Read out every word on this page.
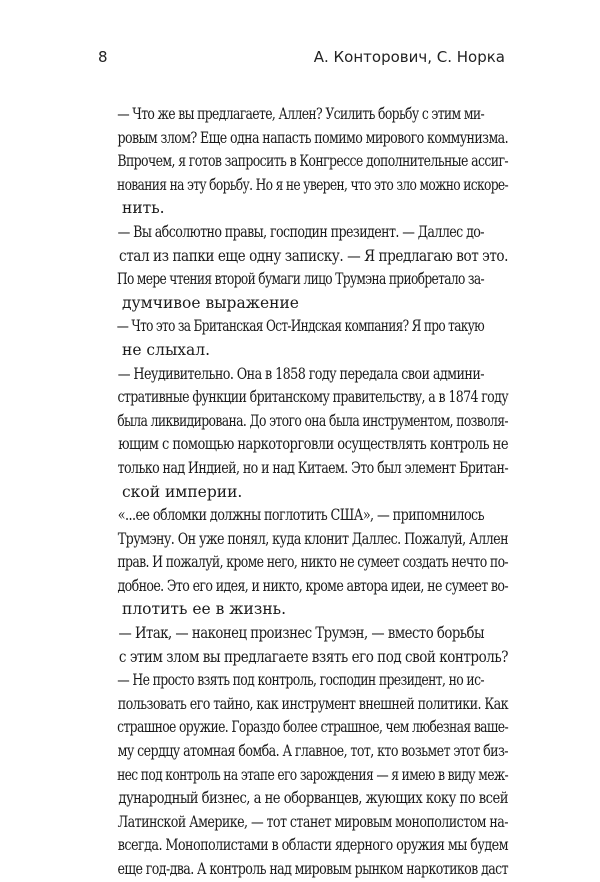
8	А. Конторович, С. Норка

— Что же вы предлагаете, Аллен? Усилить борьбу с этим ми-
ровым злом? Еще одна напасть помимо мирового коммунизма.
Впрочем, я готов запросить в Конгрессе дополнительные ассиг-
нования на эту борьбу. Но я не уверен, что это зло можно искоре-
нить.

— Вы абсолютно правы, господин президент. — Даллес до-
стал из папки еще одну записку. — Я предлагаю вот это.

По мере чтения второй бумаги лицо Трумэна приобретало за-
думчивое выражение

— Что это за Британская Ост-Индская компания? Я про такую
не слыхал.

— Неудивительно. Она в 1858 году передала свои админи-
стративные функции британскому правительству, а в 1874 году
была ликвидирована. До этого она была инструментом, позволя-
ющим с помощью наркоторговли осуществлять контроль не
только над Индией, но и над Китаем. Это был элемент Британ-
ской империи.

«...ее обломки должны поглотить США», — припомнилось
Трумэну. Он уже понял, куда клонит Даллес. Пожалуй, Аллен
прав. И пожалуй, кроме него, никто не сумеет создать нечто по-
добное. Это его идея, и никто, кроме автора идеи, не сумеет во-
плотить ее в жизнь.

— Итак, — наконец произнес Трумэн, — вместо борьбы
с этим злом вы предлагаете взять его под свой контроль?

— Не просто взять под контроль, господин президент, но ис-
пользовать его тайно, как инструмент внешней политики. Как
страшное оружие. Гораздо более страшное, чем любезная ваше-
му сердцу атомная бомба. А главное, тот, кто возьмет этот биз-
нес под контроль на этапе его зарождения — я имею в виду меж-
дународный бизнес, а не оборванцев, жующих коку по всей
Латинской Америке, — тот станет мировым монополистом на-
всегда. Монополистами в области ядерного оружия мы будем
еще год-два. А контроль над мировым рынком наркотиков даст
